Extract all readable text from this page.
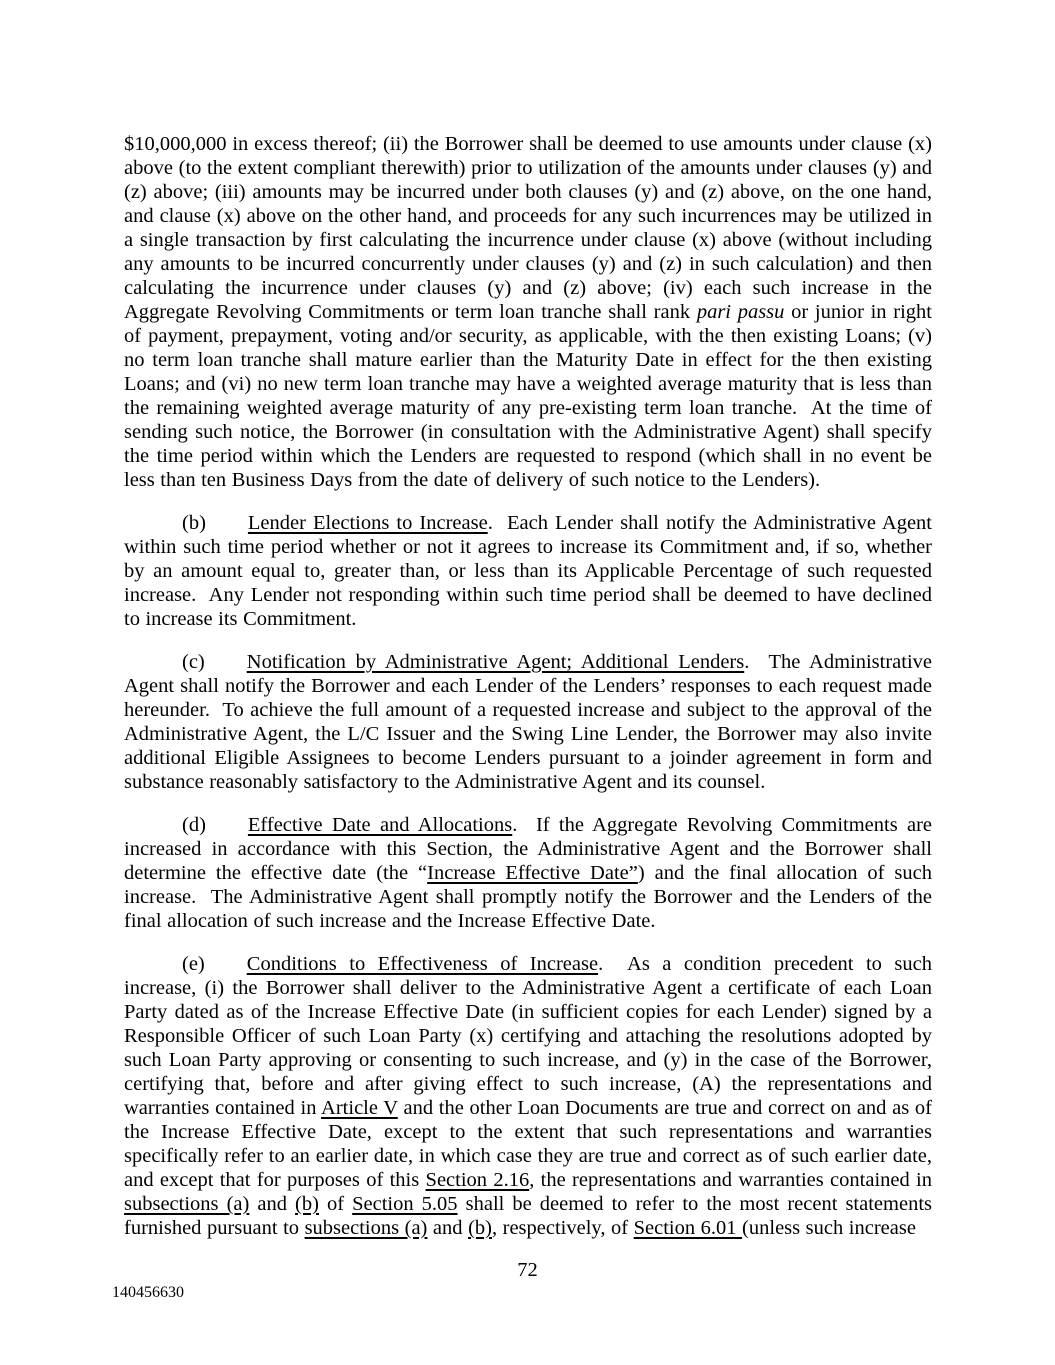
$10,000,000 in excess thereof; (ii) the Borrower shall be deemed to use amounts under clause (x) above (to the extent compliant therewith) prior to utilization of the amounts under clauses (y) and (z) above; (iii) amounts may be incurred under both clauses (y) and (z) above, on the one hand, and clause (x) above on the other hand, and proceeds for any such incurrences may be utilized in a single transaction by first calculating the incurrence under clause (x) above (without including any amounts to be incurred concurrently under clauses (y) and (z) in such calculation) and then calculating the incurrence under clauses (y) and (z) above; (iv) each such increase in the Aggregate Revolving Commitments or term loan tranche shall rank pari passu or junior in right of payment, prepayment, voting and/or security, as applicable, with the then existing Loans; (v) no term loan tranche shall mature earlier than the Maturity Date in effect for the then existing Loans; and (vi) no new term loan tranche may have a weighted average maturity that is less than the remaining weighted average maturity of any pre-existing term loan tranche.  At the time of sending such notice, the Borrower (in consultation with the Administrative Agent) shall specify the time period within which the Lenders are requested to respond (which shall in no event be less than ten Business Days from the date of delivery of such notice to the Lenders).

(b) Lender Elections to Increase.  Each Lender shall notify the Administrative Agent within such time period whether or not it agrees to increase its Commitment and, if so, whether by an amount equal to, greater than, or less than its Applicable Percentage of such requested increase.  Any Lender not responding within such time period shall be deemed to have declined to increase its Commitment.

(c) Notification by Administrative Agent; Additional Lenders.  The Administrative Agent shall notify the Borrower and each Lender of the Lenders’ responses to each request made hereunder.  To achieve the full amount of a requested increase and subject to the approval of the Administrative Agent, the L/C Issuer and the Swing Line Lender, the Borrower may also invite additional Eligible Assignees to become Lenders pursuant to a joinder agreement in form and substance reasonably satisfactory to the Administrative Agent and its counsel.

(d) Effective Date and Allocations.  If the Aggregate Revolving Commitments are increased in accordance with this Section, the Administrative Agent and the Borrower shall determine the effective date (the “Increase Effective Date”) and the final allocation of such increase.  The Administrative Agent shall promptly notify the Borrower and the Lenders of the final allocation of such increase and the Increase Effective Date.

(e) Conditions to Effectiveness of Increase.  As a condition precedent to such increase, (i) the Borrower shall deliver to the Administrative Agent a certificate of each Loan Party dated as of the Increase Effective Date (in sufficient copies for each Lender) signed by a Responsible Officer of such Loan Party (x) certifying and attaching the resolutions adopted by such Loan Party approving or consenting to such increase, and (y) in the case of the Borrower, certifying that, before and after giving effect to such increase, (A) the representations and warranties contained in Article V and the other Loan Documents are true and correct on and as of the Increase Effective Date, except to the extent that such representations and warranties specifically refer to an earlier date, in which case they are true and correct as of such earlier date, and except that for purposes of this Section 2.16, the representations and warranties contained in subsections (a) and (b) of Section 5.05 shall be deemed to refer to the most recent statements furnished pursuant to subsections (a) and (b), respectively, of Section 6.01 (unless such increase

72
140456630
